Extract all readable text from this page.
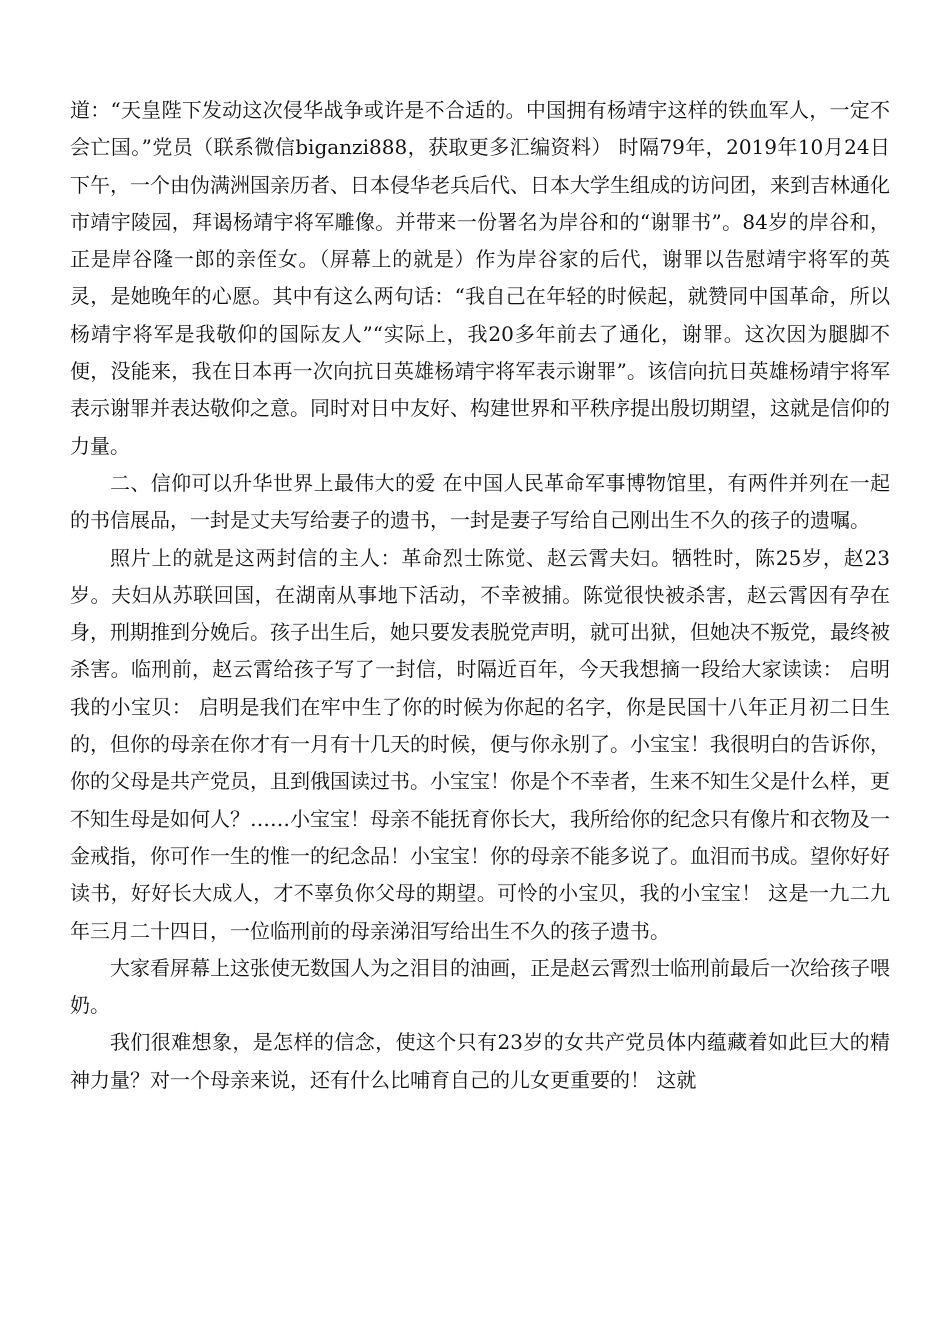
道：“天皇陛下发动这次侵华战争或许是不合适的。中国拥有杨靖宇这样的铁血军人，一定不会亡国。”党员（联系微信biganzi888，获取更多汇编资料） 时隔79年，2019年10月24日下午，一个由伪满洲国亲历者、日本侵华老兵后代、日本大学生组成的访问团，来到吉林通化市靖宇陵园，拜谒杨靖宇将军雕像。并带来一份署名为岸谷和的“谢罪书”。84岁的岸谷和，正是岸谷隆一郎的亲侄女。（屏幕上的就是）作为岸谷家的后代，谢罪以告慰靖宇将军的英灵，是她晚年的心愿。其中有这么两句话：“我自己在年轻的时候起，就赞同中国革命，所以杨靖宇将军是我敬仰的国际友人”“实际上，我20多年前去了通化，谢罪。这次因为腿脚不便，没能来，我在日本再一次向抗日英雄杨靖宇将军表示谢罪”。该信向抗日英雄杨靖宇将军表示谢罪并表达敬仰之意。同时对日中友好、构建世界和平秩序提出殷切期望，这就是信仰的力量。

二、信仰可以升华世界上最伟大的爱 在中国人民革命军事博物馆里，有两件并列在一起的书信展品，一封是丈夫写给妻子的遗书，一封是妻子写给自己刚出生不久的孩子的遗嘱。

照片上的就是这两封信的主人：革命烈士陈觉、赵云霄夫妇。牺牲时，陈25岁，赵23岁。夫妇从苏联回国，在湖南从事地下活动，不幸被捕。陈觉很快被杀害，赵云霄因有孕在身，刑期推到分娩后。孩子出生后，她只要发表脱党声明，就可出狱，但她决不叛党，最终被杀害。临刑前，赵云霄给孩子写了一封信，时隔近百年，今天我想摘一段给大家读读： 启明我的小宝贝： 启明是我们在牢中生了你的时候为你起的名字，你是民国十八年正月初二日生的，但你的母亲在你才有一月有十几天的时候，便与你永别了。小宝宝！我很明白的告诉你，你的父母是共产党员，且到俄国读过书。小宝宝！你是个不幸者，生来不知生父是什么样，更不知生母是如何人？……小宝宝！母亲不能抚育你长大，我所给你的纪念只有像片和衣物及一金戒指，你可作一生的惟一的纪念品！小宝宝！你的母亲不能多说了。血泪而书成。望你好好读书，好好长大成人，才不辜负你父母的期望。可怜的小宝贝，我的小宝宝！ 这是一九二九年三月二十四日，一位临刑前的母亲涕泪写给出生不久的孩子遗书。

大家看屏幕上这张使无数国人为之泪目的油画，正是赵云霄烈士临刑前最后一次给孩子喂奶。

我们很难想象，是怎样的信念，使这个只有23岁的女共产党员体内蕴藏着如此巨大的精神力量？对一个母亲来说，还有什么比哺育自己的儿女更重要的！ 这就
